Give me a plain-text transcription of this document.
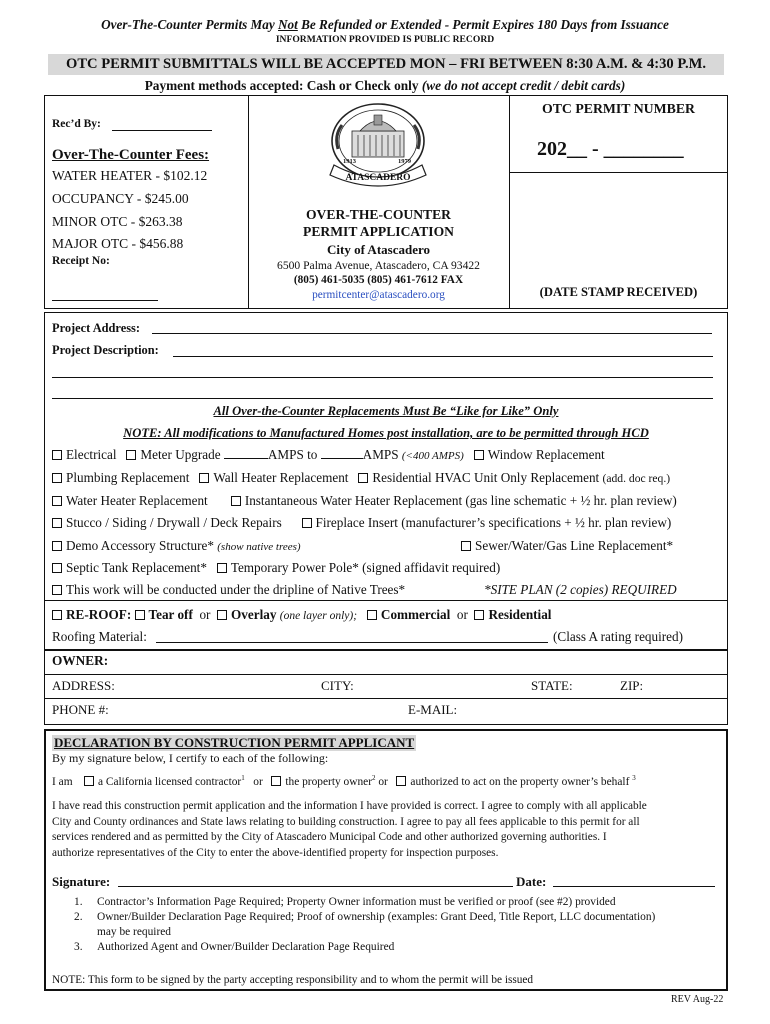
Over-The-Counter Permits May Not Be Refunded or Extended - Permit Expires 180 Days from Issuance
INFORMATION PROVIDED IS PUBLIC RECORD
OTC PERMIT SUBMITTALS WILL BE ACCEPTED MON – FRI BETWEEN 8:30 A.M. & 4:30 P.M.
Payment methods accepted: Cash or Check only (we do not accept credit / debit cards)
Rec’d By:
Over-The-Counter Fees:
WATER HEATER - $102.12
OCCUPANCY - $245.00
MINOR OTC - $263.38
MAJOR OTC - $456.88
Receipt No:
ATASCADERO
1913	1979
OVER-THE-COUNTER
PERMIT APPLICATION
City of Atascadero
6500 Palma Avenue, Atascadero, CA 93422
(805) 461-5035 (805) 461-7612 FAX
permitcenter@atascadero.org
OTC PERMIT NUMBER
202__ - ________
(DATE STAMP RECEIVED)
Project Address:
Project Description:
All Over-the-Counter Replacements Must Be “Like for Like” Only
NOTE: All modifications to Manufactured Homes post installation, are to be permitted through HCD
Electrical Meter Upgrade	AMPS to	AMPS (<400 AMPS) Window Replacement
Plumbing Replacement Wall Heater Replacement Residential HVAC Unit Only Replacement (add. doc req.)
Water Heater Replacement	Instantaneous Water Heater Replacement (gas line schematic + ½ hr. plan review)
Stucco / Siding / Drywall / Deck Repairs	Fireplace Insert (manufacturer’s specifications + ½ hr. plan review)
Demo Accessory Structure* (show native trees)	Sewer/Water/Gas Line Replacement*
Septic Tank Replacement* Temporary Power Pole* (signed affidavit required)
This work will be conducted under the dripline of Native Trees*	*SITE PLAN (2 copies) REQUIRED
RE-ROOF: Tear off or Overlay (one layer only); Commercial or Residential
Roofing Material:	(Class A rating required)
OWNER:
ADDRESS:	CITY:	STATE:	ZIP:
PHONE #:	E-MAIL:
DECLARATION BY CONSTRUCTION PERMIT APPLICANT
By my signature below, I certify to each of the following:
I am a California licensed contractor$^1$ or the property owner$^2$ or authorized to act on the property owner’s behalf $^3$
I have read this construction permit application and the information I have provided is correct. I agree to comply with all applicable
City and County ordinances and State laws relating to building construction. I agree to pay all fees applicable to this permit for all
services rendered and as permitted by the City of Atascadero Municipal Code and other authorized governing authorities. I
authorize representatives of the City to enter the above-identified property for inspection purposes.
Signature:	Date:
1. Contractor’s Information Page Required; Property Owner information must be verified or proof (see #2) provided
2. Owner/Builder Declaration Page Required; Proof of ownership (examples: Grant Deed, Title Report, LLC documentation)
may be required
3. Authorized Agent and Owner/Builder Declaration Page Required
NOTE: This form to be signed by the party accepting responsibility and to whom the permit will be issued
REV Aug-22
